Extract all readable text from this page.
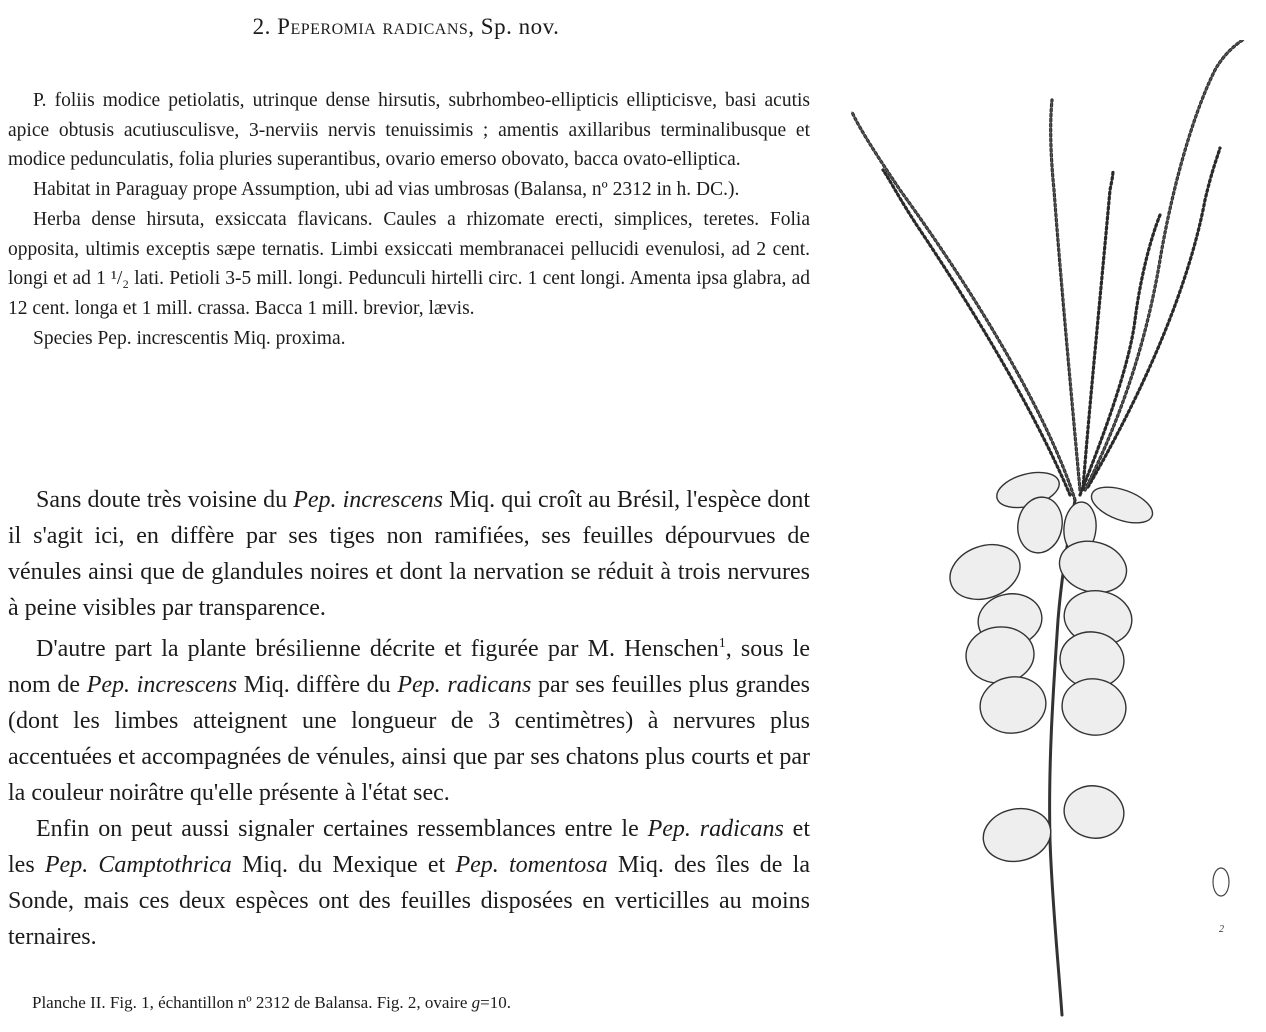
2. Peperomia radicans, Sp. nov.

P. foliis modice petiolatis, utrinque dense hirsutis, subrhombeo-ellipticis ellipticisve, basi acutis apice obtusis acutiusculisve, 3-nerviis nervis tenuissimis ; amentis axillaribus terminalibusque et modice pedunculatis, folia pluries superantibus, ovario emerso obovato, bacca ovato-elliptica.

Habitat in Paraguay prope Assumption, ubi ad vias umbrosas (Balansa, nº 2312 in h. DC.).

Herba dense hirsuta, exsiccata flavicans. Caules a rhizomate erecti, simplices, teretes. Folia opposita, ultimis exceptis sæpe ternatis. Limbi exsiccati membranacei pellucidi evenulosi, ad 2 cent. longi et ad 1 ¹/₂ lati. Petioli 3-5 mill. longi. Pedunculi hirtelli circ. 1 cent longi. Amenta ipsa glabra, ad 12 cent. longa et 1 mill. crassa. Bacca 1 mill. brevior, lævis.

Species Pep. increscentis Miq. proxima.

Sans doute très voisine du Pep. increscens Miq. qui croît au Brésil, l'espèce dont il s'agit ici, en diffère par ses tiges non ramifiées, ses feuilles dépourvues de vénules ainsi que de glandules noires et dont la nervation se réduit à trois nervures à peine visibles par transparence.

D'autre part la plante brésilienne décrite et figurée par M. Henschen$^1$, sous le nom de Pep. increscens Miq. diffère du Pep. radicans par ses feuilles plus grandes (dont les limbes atteignent une longueur de 3 centimètres) à nervures plus accentuées et accompagnées de vénules, ainsi que par ses chatons plus courts et par la couleur noirâtre qu'elle présente à l'état sec.

Enfin on peut aussi signaler certaines ressemblances entre le Pep. radicans et les Pep. Camptothrica Miq. du Mexique et Pep. tomentosa Miq. des îles de la Sonde, mais ces deux espèces ont des feuilles disposées en verticilles au moins ternaires.

Planche II. Fig. 1, échantillon nº 2312 de Balansa. Fig. 2, ovaire g=10.
2
